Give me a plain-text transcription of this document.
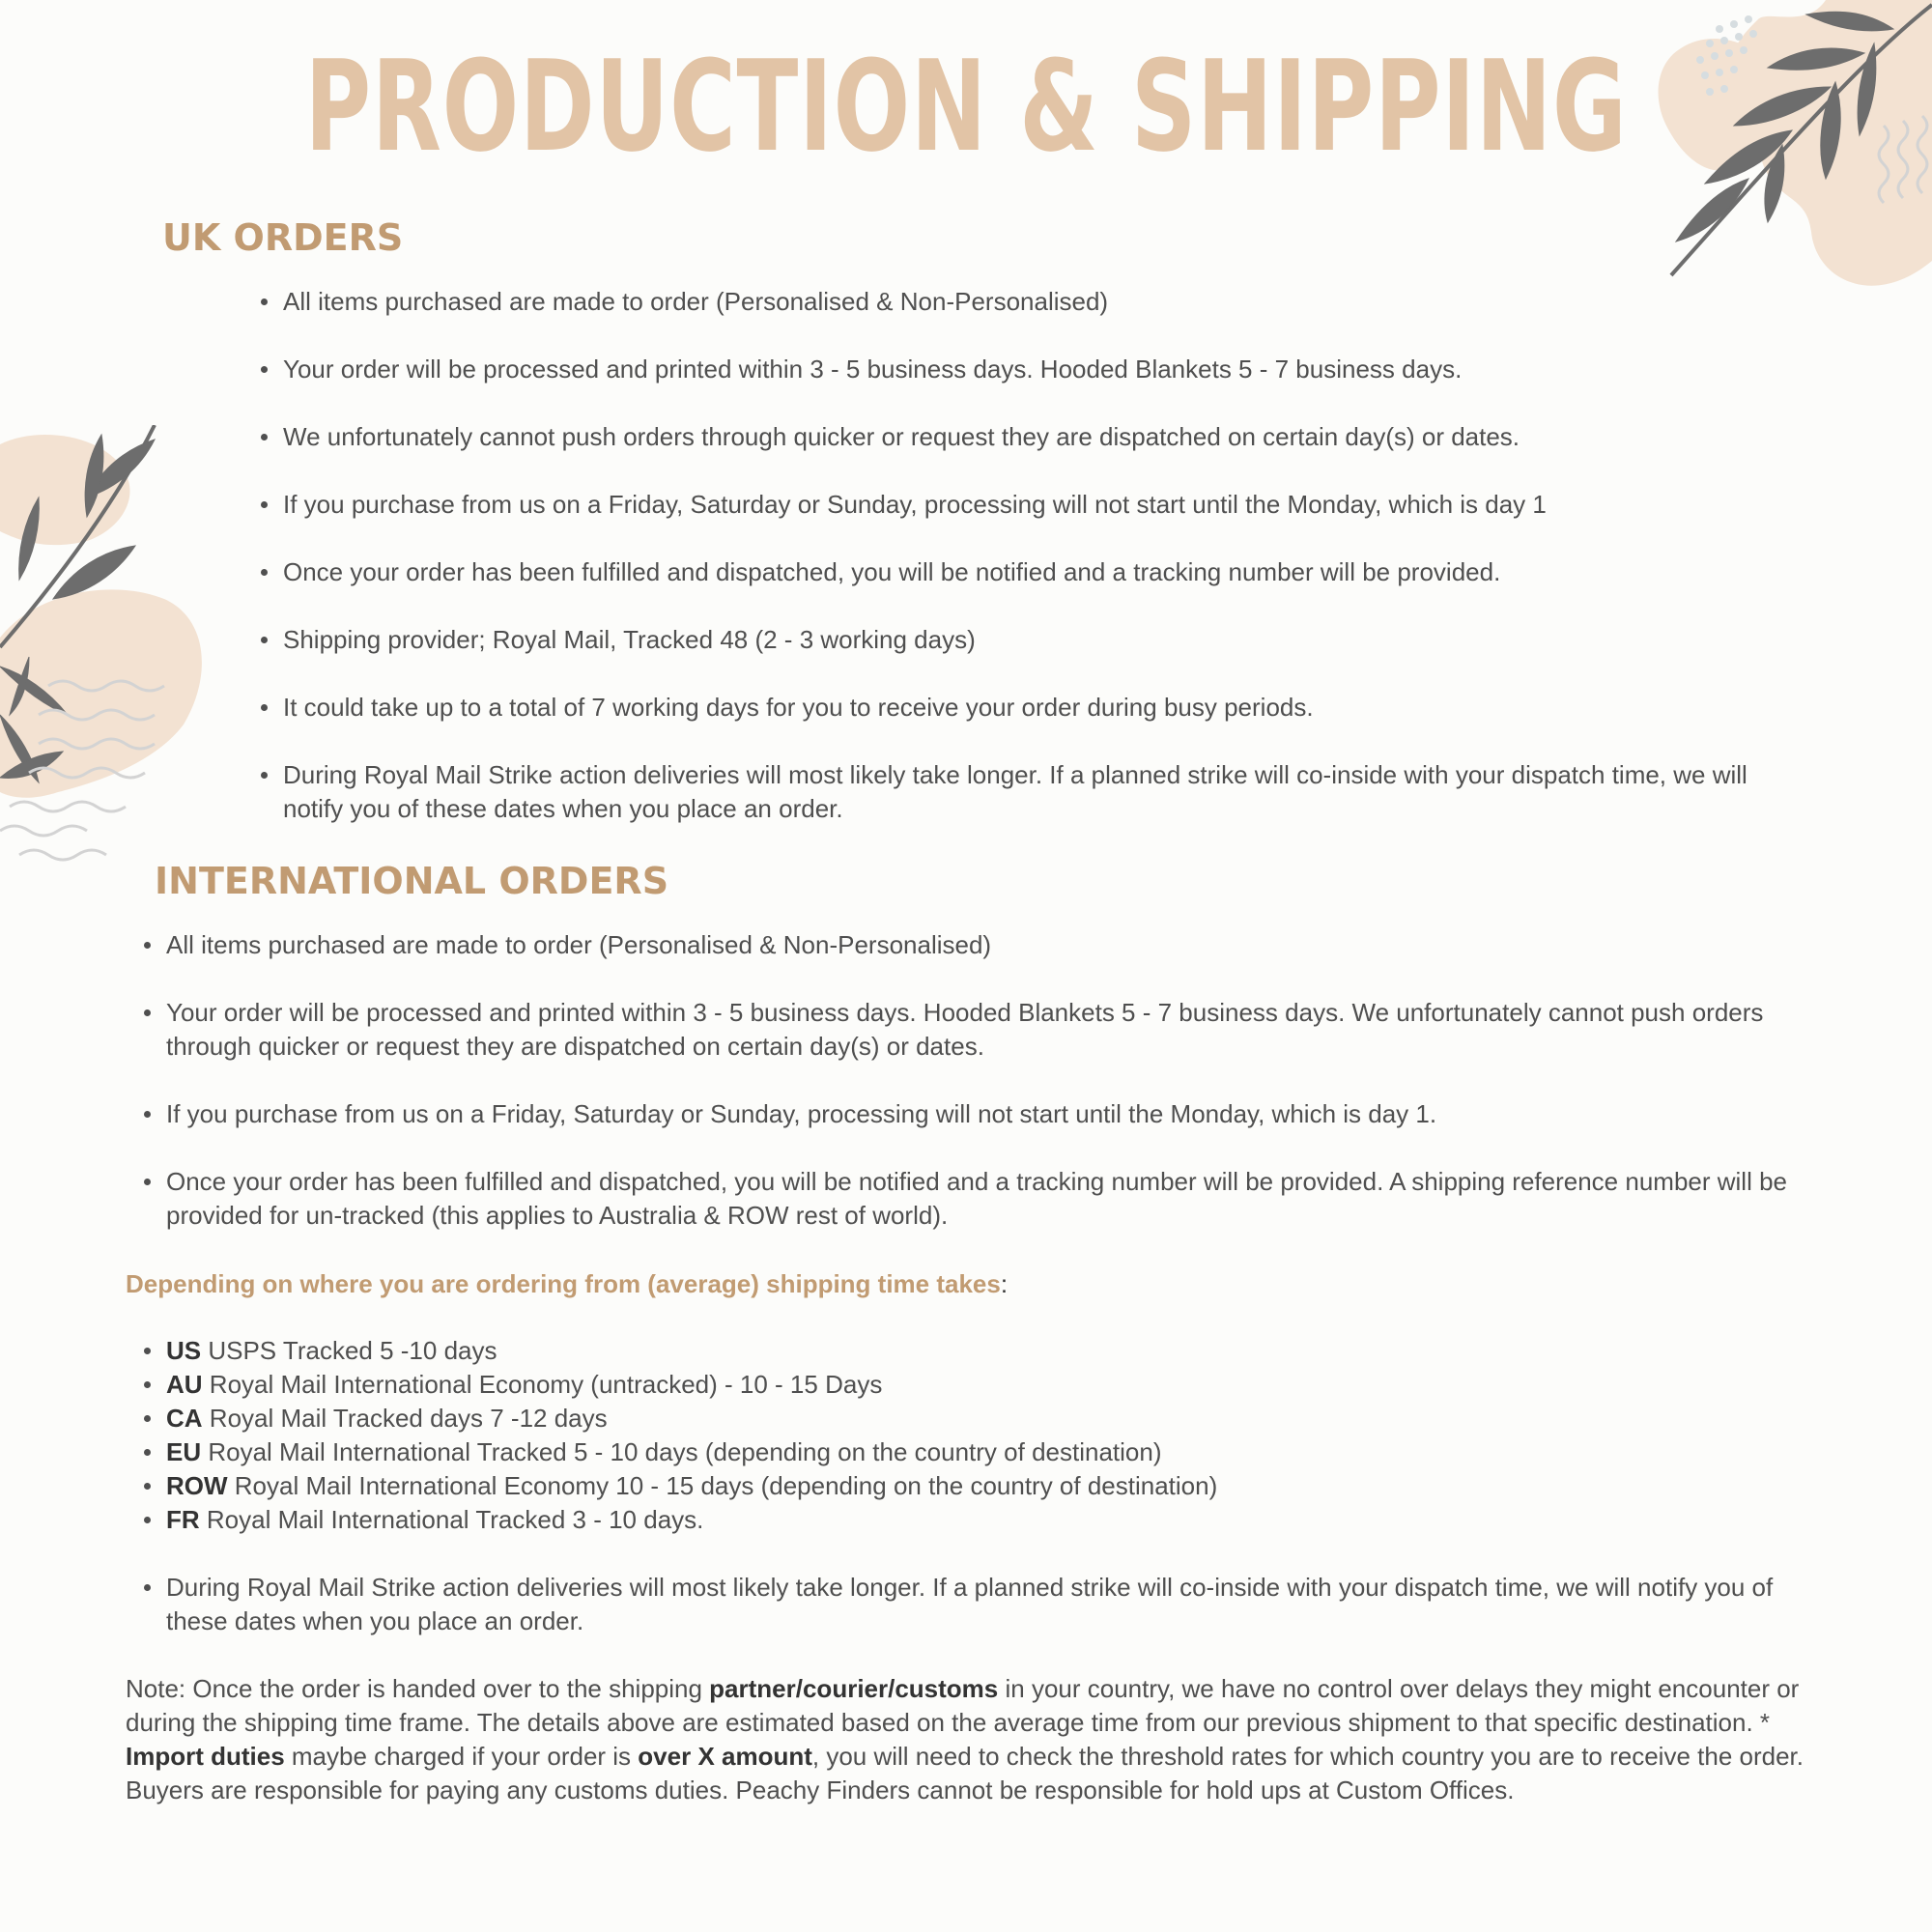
PRODUCTION & SHIPPING
UK ORDERS
All items purchased are made to order (Personalised & Non-Personalised)
Your order will be processed and printed within 3 - 5 business days. Hooded Blankets 5 - 7 business days.
We unfortunately cannot push orders through quicker or request they are dispatched on certain day(s) or dates.
If you purchase from us on a Friday, Saturday or Sunday, processing will not start until the Monday, which is day 1
Once your order has been fulfilled and dispatched, you will be notified and a tracking number will be provided.
Shipping provider; Royal Mail, Tracked 48 (2 - 3 working days)
It could take up to a total of 7 working days for you to receive your order during busy periods.
During Royal Mail Strike action deliveries will most likely take longer. If a planned strike will co-inside with your dispatch time, we will notify you of these dates when you place an order.
INTERNATIONAL ORDERS
All items purchased are made to order (Personalised & Non-Personalised)
Your order will be processed and printed within 3 - 5 business days. Hooded Blankets 5 - 7 business days. We unfortunately cannot push orders through quicker or request they are dispatched on certain day(s) or dates.
If you purchase from us on a Friday, Saturday or Sunday, processing will not start until the Monday, which is day 1.
Once your order has been fulfilled and dispatched, you will be notified and a tracking number will be provided. A shipping reference number will be provided for un-tracked (this applies to Australia & ROW rest of world).

Depending on where you are ordering from (average) shipping time takes:

US USPS Tracked 5 -10 days
AU Royal Mail International Economy (untracked) - 10 - 15 Days
CA Royal Mail Tracked days 7 -12 days
EU Royal Mail International Tracked 5 - 10 days (depending on the country of destination)
ROW Royal Mail International Economy 10 - 15 days (depending on the country of destination)
FR Royal Mail International Tracked 3 - 10 days.
During Royal Mail Strike action deliveries will most likely take longer. If a planned strike will co-inside with your dispatch time, we will notify you of these dates when you place an order.

Note: Once the order is handed over to the shipping partner/courier/customs in your country, we have no control over delays they might encounter or during the shipping time frame. The details above are estimated based on the average time from our previous shipment to that specific destination. * Import duties maybe charged if your order is over X amount, you will need to check the threshold rates for which country you are to receive the order. Buyers are responsible for paying any customs duties. Peachy Finders cannot be responsible for hold ups at Custom Offices.
